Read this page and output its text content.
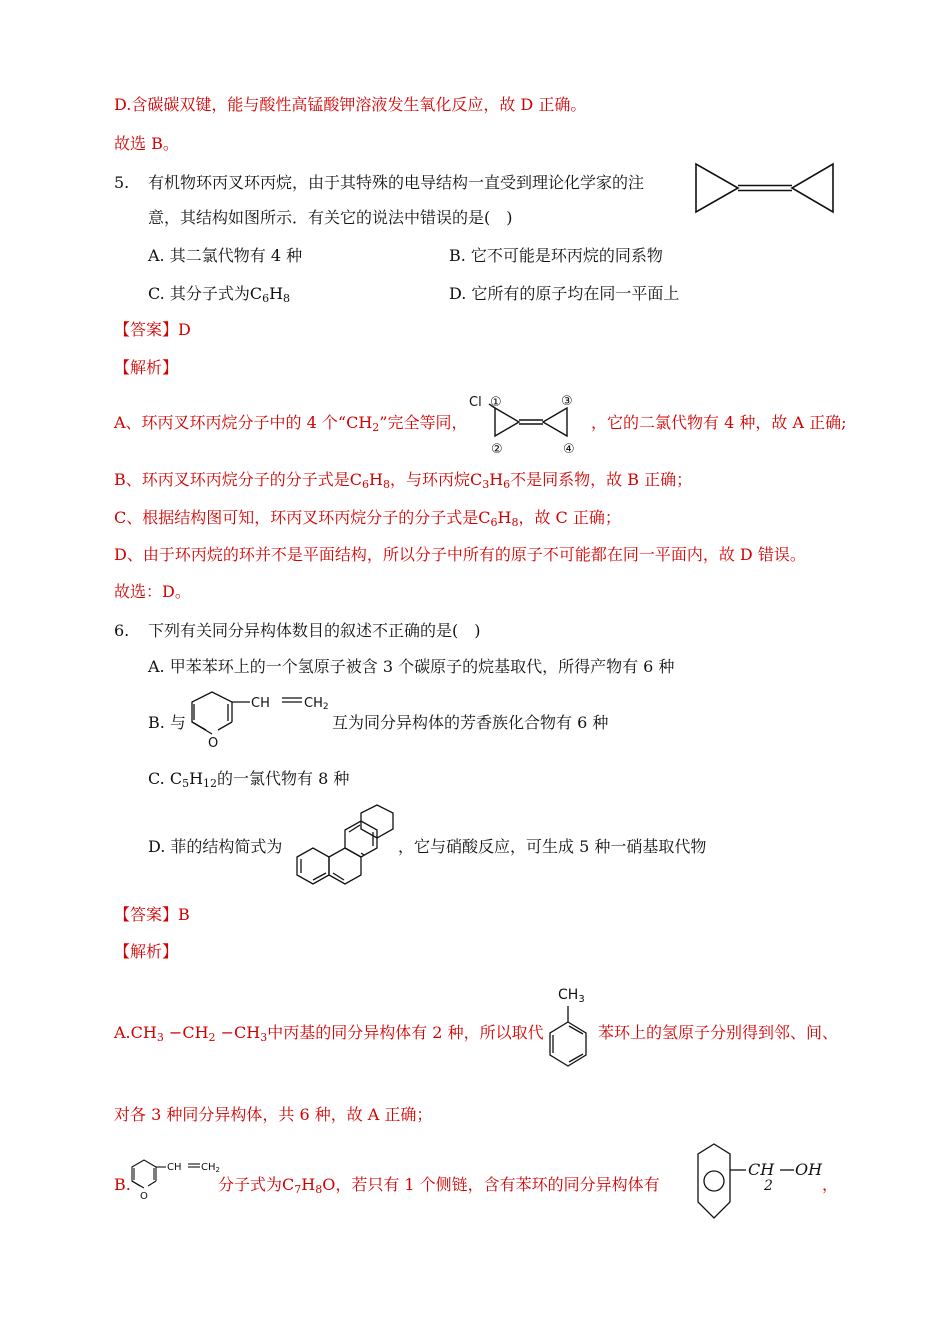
D.含碳碳双键，能与酸性高锰酸钾溶液发生氧化反应，故 D 正确。
故选 B。
5. 有机物环丙叉环丙烷，由于其特殊的电导结构一直受到理论化学家的注
意，其结构如图所示．有关它的说法中错误的是(　)
A. 其二氯代物有 4 种	B. 它不可能是环丙烷的同系物
C. 其分子式为$C_6H_8$	D. 它所有的原子均在同一平面上
【答案】D
【解析】
A、环丙叉环丙烷分子中的 4 个“$CH_2$”完全等同，
Cl ①
②
③
④
，它的二氯代物有 4 种，故 A 正确;
B、环丙叉环丙烷分子的分子式是$C_6H_8$，与环丙烷$C_3H_6$不是同系物，故 B 正确；
C、根据结构图可知，环丙叉环丙烷分子的分子式是$C_6H_8$，故 C 正确；
D、由于环丙烷的环并不是平面结构，所以分子中所有的原子不可能都在同一平面内，故 D 错误。
故选：D。
6. 下列有关同分异构体数目的叙述不正确的是(　)
A. 甲苯苯环上的一个氢原子被含 3 个碳原子的烷基取代，所得产物有 6 种
B. 与
O
CH	CH2
互为同分异构体的芳香族化合物有 6 种
C. $C_5H_{12}$的一氯代物有 8 种
D. 菲的结构简式为	，它与硝酸反应，可生成 5 种一硝基取代物
【答案】B
【解析】
$A.CH_3 -CH_2 -CH_3$中丙基的同分异构体有 2 种，所以取代
$CH_3$
苯环上的氢原子分别得到邻、间、
对各 3 种同分异构体，共 6 种，故 A 正确；
B.
O
CH $CH_2$
分子式为$C_7H_8O$，若只有 1 个侧链，含有苯环的同分异构体有
CH
2
OH
，
